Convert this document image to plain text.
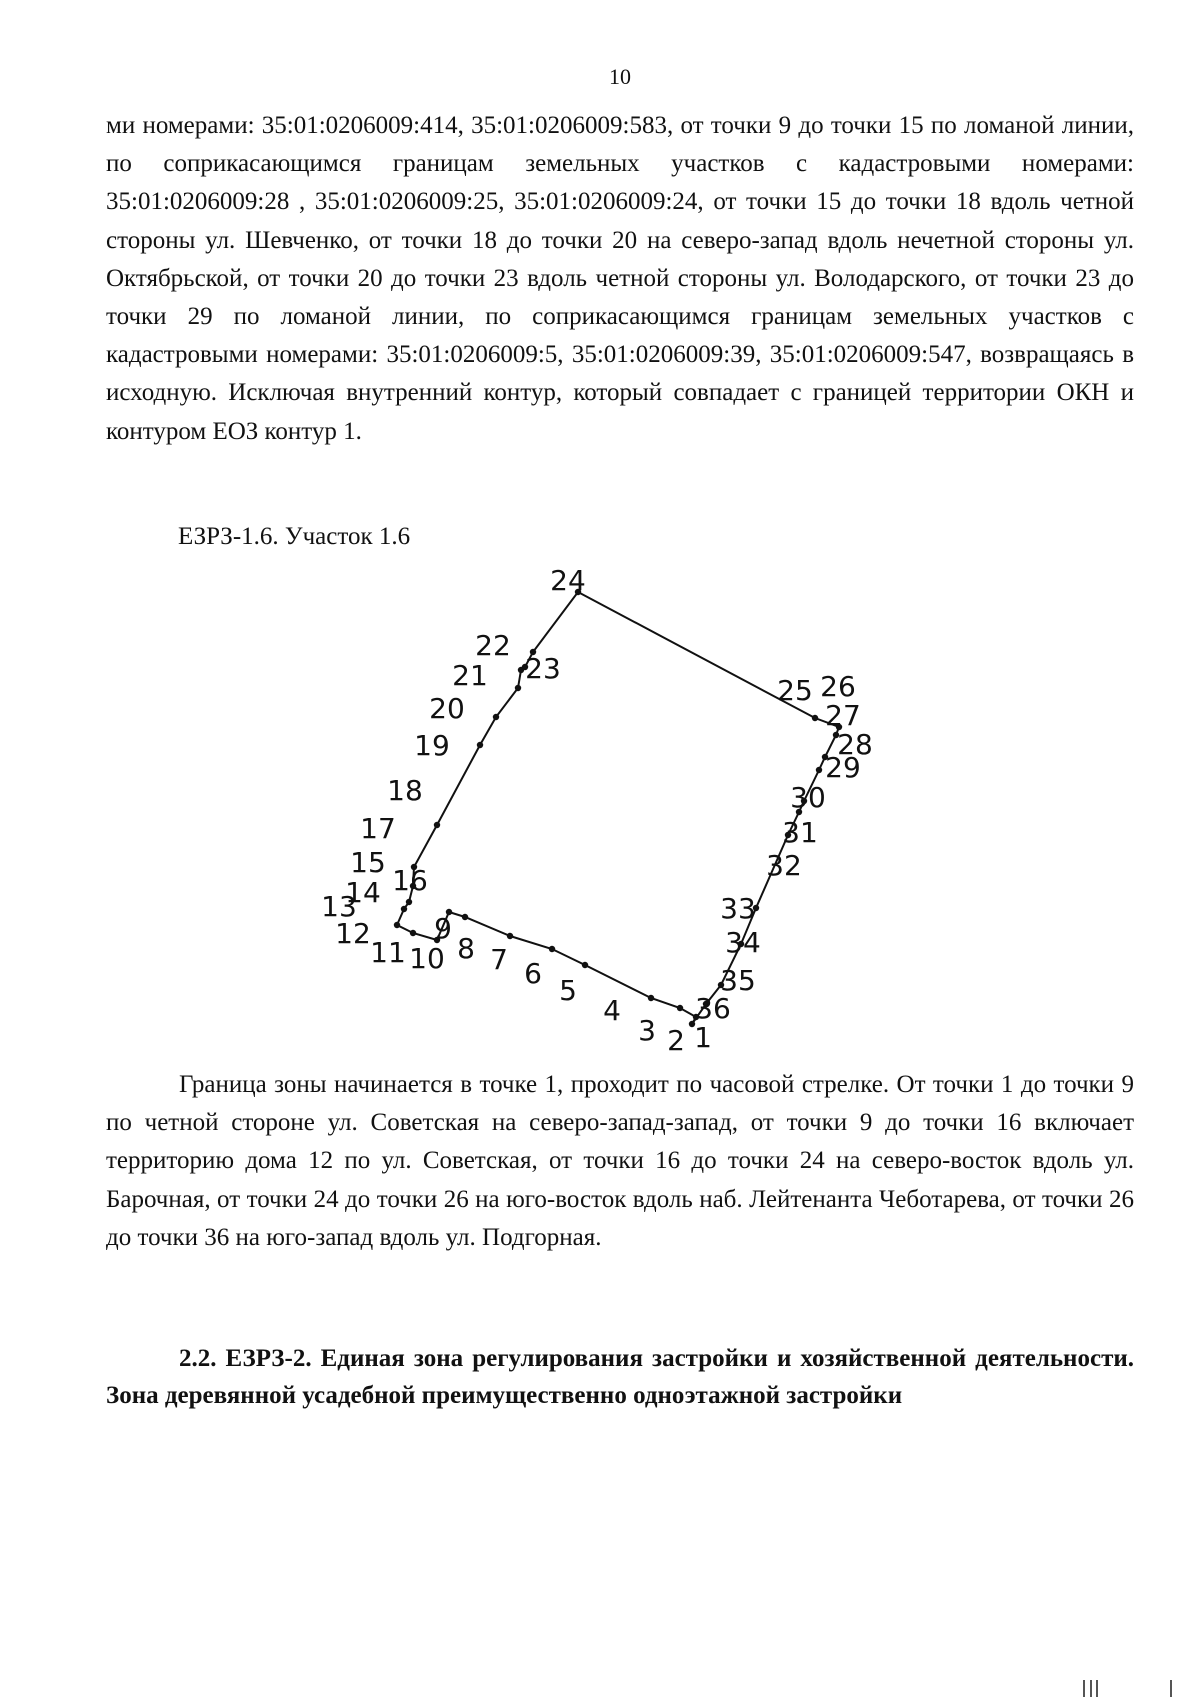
10

ми номерами: 35:01:0206009:414, 35:01:0206009:583, от точки 9 до точки 15 по ломаной линии, по соприкасающимся границам земельных участков с кадастровыми номерами: 35:01:0206009:28 , 35:01:0206009:25, 35:01:0206009:24, от точки 15 до точки 18 вдоль четной стороны ул. Шевченко, от точки 18 до точки 20 на северо-запад вдоль нечетной стороны ул. Октябрьской, от точки 20 до точки 23 вдоль четной стороны ул. Володарского, от точки 23 до точки 29 по ломаной линии, по соприкасающимся границам земельных участков с кадастровыми номерами: 35:01:0206009:5, 35:01:0206009:39, 35:01:0206009:547, возвращаясь в исходную. Исключая внутренний контур, который совпадает с границей территории ОКН и контуром ЕОЗ контур 1.

ЕЗРЗ-1.6. Участок 1.6
1
2
3
4
5
6
7
8
9
10
11
12
13
14
15
16
17
18
19
20
21
22
23
24
25 26
27
28
29
30
31
32
33
34
35
36

Граница зоны начинается в точке 1, проходит по часовой стрелке. От точки 1 до точки 9 по четной стороне ул. Советская на северо-запад-запад, от точки 9 до точки 16 включает территорию дома 12 по ул. Советская, от точки 16 до точки 24 на северо-восток вдоль ул. Барочная, от точки 24 до точки 26 на юго-восток вдоль наб. Лейтенанта Чеботарева, от точки 26 до точки 36 на юго-запад вдоль ул. Подгорная.

2.2. ЕЗРЗ-2. Единая зона регулирования застройки и хозяйственной деятельности. Зона деревянной усадебной преимущественно одноэтажной застройки
